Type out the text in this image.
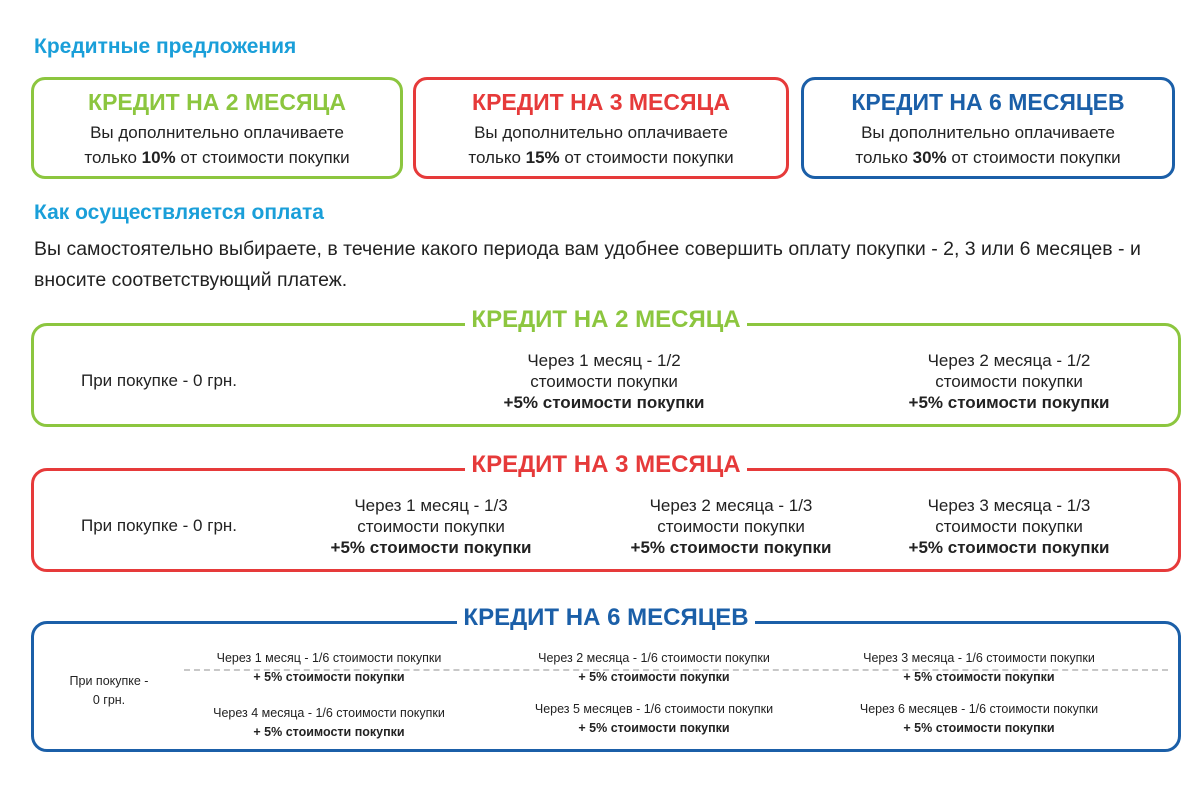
Кредитные предложения
КРЕДИТ НА 2 МЕСЯЦА
Вы дополнительно оплачиваете
только 10% от стоимости покупки
КРЕДИТ НА 3 МЕСЯЦА
Вы дополнительно оплачиваете
только 15% от стоимости покупки
КРЕДИТ НА 6 МЕСЯЦЕВ
Вы дополнительно оплачиваете
только 30% от стоимости покупки
Как осуществляется оплата
Вы самостоятельно выбираете, в течение какого периода вам удобнее совершить оплату покупки - 2, 3 или 6 месяцев - и вносите соответствующий платеж.
КРЕДИТ НА 2 МЕСЯЦА
При покупке - 0 грн.
Через 1 месяц - 1/2
стоимости покупки
+5% стоимости покупки
Через 2 месяца - 1/2
стоимости покупки
+5% стоимости покупки
КРЕДИТ НА 3 МЕСЯЦА
При покупке - 0 грн.
Через 1 месяц - 1/3
стоимости покупки
+5% стоимости покупки
Через 2 месяца - 1/3
стоимости покупки
+5% стоимости покупки
Через 3 месяца - 1/3
стоимости покупки
+5% стоимости покупки
КРЕДИТ НА 6 МЕСЯЦЕВ
При покупке -
0 грн.
Через 1 месяц - 1/6 стоимости покупки
+ 5% стоимости покупки
Через 2 месяца - 1/6 стоимости покупки
+ 5% стоимости покупки
Через 3 месяца - 1/6 стоимости покупки
+ 5% стоимости покупки
Через 4 месяца - 1/6 стоимости покупки
+ 5% стоимости покупки
Через 5 месяцев - 1/6 стоимости покупки
+ 5% стоимости покупки
Через 6 месяцев - 1/6 стоимости покупки
+ 5% стоимости покупки
